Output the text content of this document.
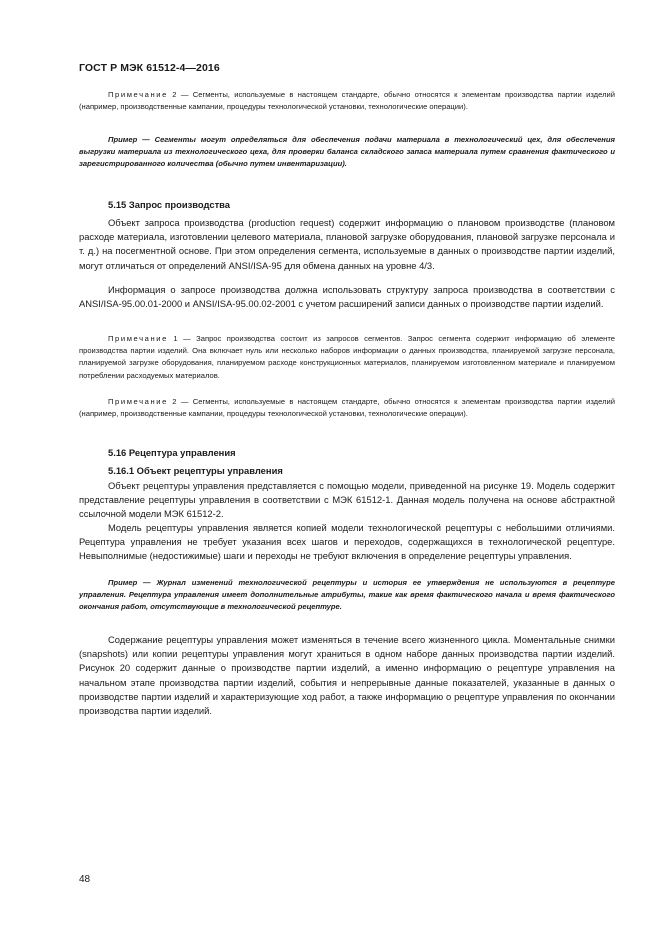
ГОСТ Р МЭК 61512-4—2016
Примечание 2 — Сегменты, используемые в настоящем стандарте, обычно относятся к элементам производства партии изделий (например, производственные кампании, процедуры технологической установки, технологические операции).
Пример — Сегменты могут определяться для обеспечения подачи материала в технологический цех, для обеспечения выгрузки материала из технологического цеха, для проверки баланса складского запаса материала путем сравнения фактического и зарегистрированного количества (обычно путем инвентаризации).
5.15 Запрос производства
Объект запроса производства (production request) содержит информацию о плановом производстве (плановом расходе материала, изготовлении целевого материала, плановой загрузке оборудования, плановой загрузке персонала и т. д.) на посегментной основе. При этом определения сегмента, используемые в данных о производстве партии изделий, могут отличаться от определений ANSI/ISA-95 для обмена данных на уровне 4/3.
Информация о запросе производства должна использовать структуру запроса производства в соответствии с ANSI/ISA-95.00.01-2000 и ANSI/ISA-95.00.02-2001 с учетом расширений записи данных о производстве партии изделий.
Примечание 1 — Запрос производства состоит из запросов сегментов. Запрос сегмента содержит информацию об элементе производства партии изделий. Она включает нуль или несколько наборов информации о данных производства, планируемой загрузке персонала, планируемой загрузке оборудования, планируемом расходе конструкционных материалов, планируемом изготовленном материале и планируемом потреблении расходуемых материалов.
Примечание 2 — Сегменты, используемые в настоящем стандарте, обычно относятся к элементам производства партии изделий (например, производственные кампании, процедуры технологической установки, технологические операции).
5.16 Рецептура управления
5.16.1 Объект рецептуры управления
Объект рецептуры управления представляется с помощью модели, приведенной на рисунке 19. Модель содержит представление рецептуры управления в соответствии с МЭК 61512-1. Данная модель получена на основе абстрактной ссылочной модели МЭК 61512-2.
Модель рецептуры управления является копией модели технологической рецептуры с небольшими отличиями. Рецептура управления не требует указания всех шагов и переходов, содержащихся в технологической рецептуре. Невыполнимые (недостижимые) шаги и переходы не требуют включения в определение рецептуры управления.
Пример — Журнал изменений технологической рецептуры и история ее утверждения не используются в рецептуре управления. Рецептура управления имеет дополнительные атрибуты, такие как время фактического начала и время фактического окончания работ, отсутствующие в технологической рецептуре.
Содержание рецептуры управления может изменяться в течение всего жизненного цикла. Моментальные снимки (snapshots) или копии рецептуры управления могут храниться в одном наборе данных производства партии изделий. Рисунок 20 содержит данные о производстве партии изделий, а именно информацию о рецептуре управления на начальном этапе производства партии изделий, события и непрерывные данные показателей, указанные в данных о производстве партии изделий и характеризующие ход работ, а также информацию о рецептуре управления по окончании производства партии изделий.
48
